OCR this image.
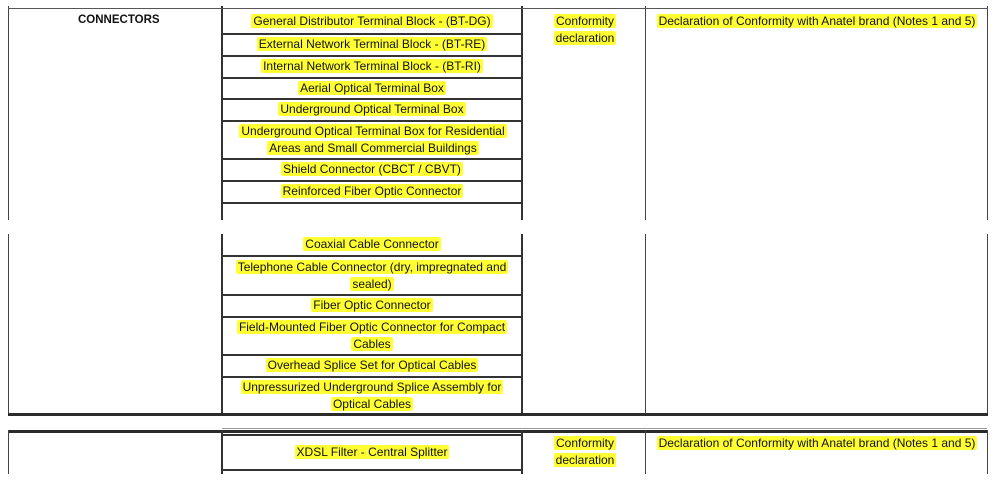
CONNECTORS	General Distributor Terminal Block - (BT-DG)
External Network Terminal Block - (BT-RE)
Internal Network Terminal Block - (BT-RI)
Aerial Optical Terminal Box
Underground Optical Terminal Box
Underground Optical Terminal Box for Residential Areas and Small Commercial Buildings
Shield Connector (CBCT / CBVT)
Reinforced Fiber Optic Connector
Conformity declaration
Declaration of Conformity with Anatel brand (Notes 1 and 5)
Coaxial Cable Connector
Telephone Cable Connector (dry, impregnated and sealed)
Fiber Optic Connector
Field-Mounted Fiber Optic Connector for Compact Cables
Overhead Splice Set for Optical Cables
Unpressurized Underground Splice Assembly for Optical Cables
XDSL Filter - Central Splitter
Conformity declaration
Declaration of Conformity with Anatel brand (Notes 1 and 5)
